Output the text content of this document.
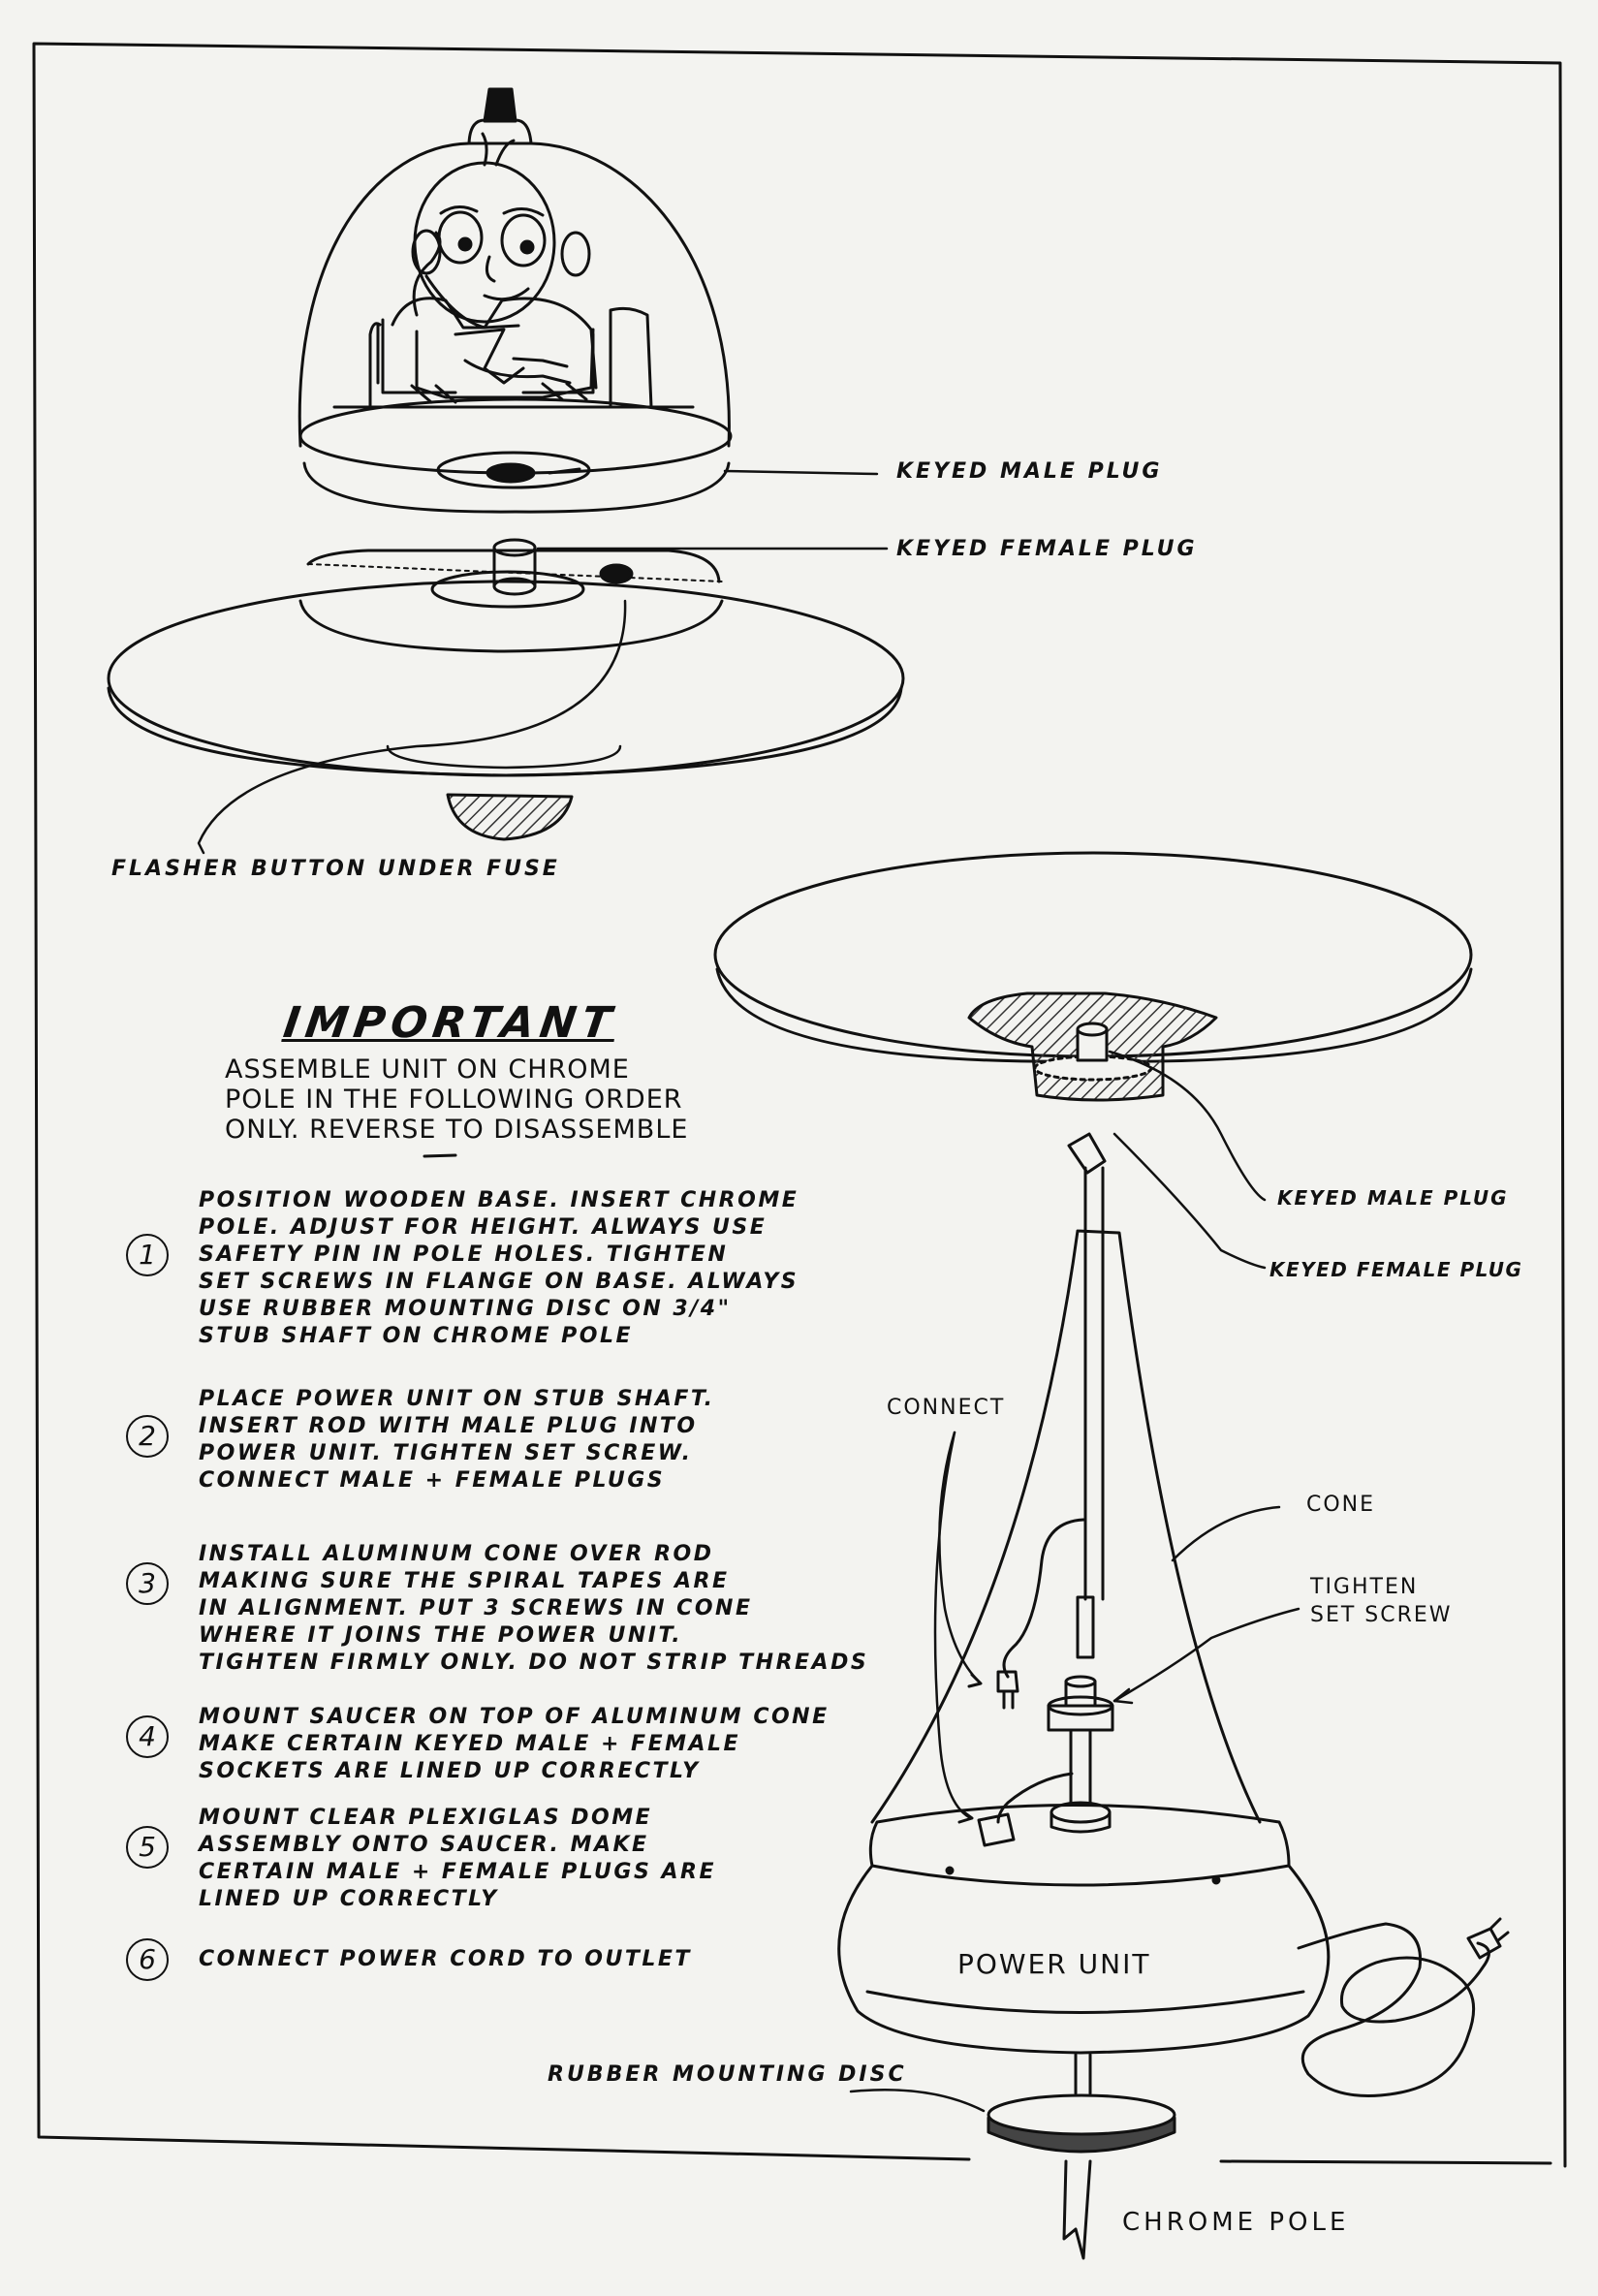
KEYED MALE PLUG
KEYED FEMALE PLUG
FLASHER BUTTON UNDER FUSE
KEYED MALE PLUG
KEYED FEMALE PLUG
CONNECT
CONE
TIGHTEN
SET SCREW
POWER UNIT
RUBBER MOUNTING DISC
CHROME POLE
IMPORTANT
ASSEMBLE UNIT ON CHROME
POLE IN THE FOLLOWING ORDER
ONLY. REVERSE TO DISASSEMBLE
1
POSITION WOODEN BASE. INSERT CHROME
POLE. ADJUST FOR HEIGHT. ALWAYS USE
SAFETY PIN IN POLE HOLES. TIGHTEN
SET SCREWS IN FLANGE ON BASE. ALWAYS
USE RUBBER MOUNTING DISC ON 3/4"
STUB SHAFT ON CHROME POLE
2
PLACE POWER UNIT ON STUB SHAFT.
INSERT ROD WITH MALE PLUG INTO
POWER UNIT. TIGHTEN SET SCREW.
CONNECT MALE + FEMALE PLUGS
3
INSTALL ALUMINUM CONE OVER ROD
MAKING SURE THE SPIRAL TAPES ARE
IN ALIGNMENT. PUT 3 SCREWS IN CONE
WHERE IT JOINS THE POWER UNIT.
TIGHTEN FIRMLY ONLY. DO NOT STRIP THREADS
4
MOUNT SAUCER ON TOP OF ALUMINUM CONE
MAKE CERTAIN KEYED MALE + FEMALE
SOCKETS ARE LINED UP CORRECTLY
5
MOUNT CLEAR PLEXIGLAS DOME
ASSEMBLY ONTO SAUCER. MAKE
CERTAIN MALE + FEMALE PLUGS ARE
LINED UP CORRECTLY
6	CONNECT POWER CORD TO OUTLET
